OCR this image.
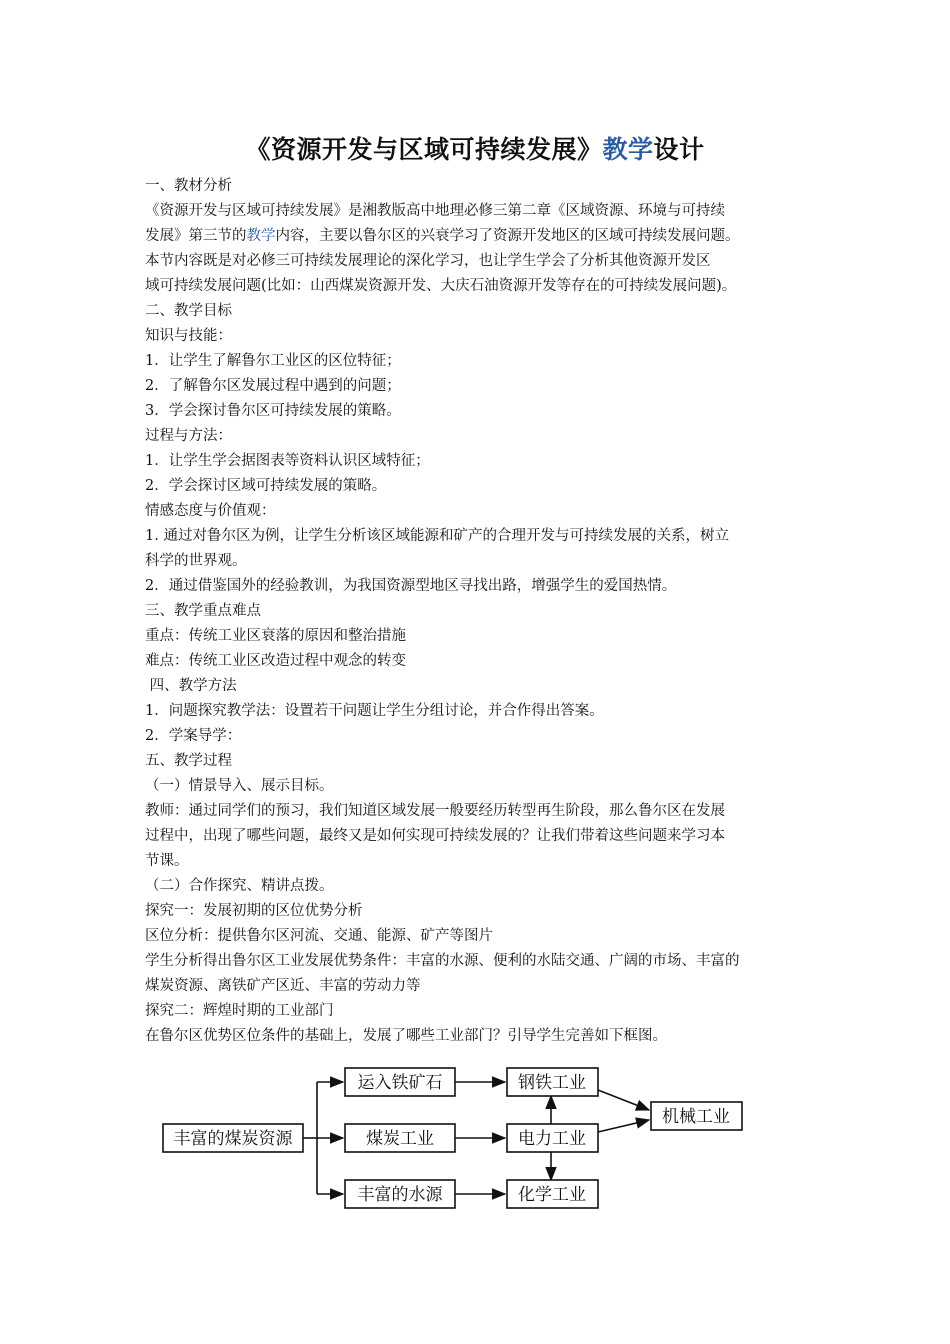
《资源开发与区域可持续发展》教学设计

一、教材分析

《资源开发与区域可持续发展》是湘教版高中地理必修三第二章《区域资源、环境与可持续

发展》第三节的教学内容，主要以鲁尔区的兴衰学习了资源开发地区的区域可持续发展问题。

本节内容既是对必修三可持续发展理论的深化学习，也让学生学会了分析其他资源开发区

域可持续发展问题(比如：山西煤炭资源开发、大庆石油资源开发等存在的可持续发展问题)。

二、教学目标

知识与技能：

1．让学生了解鲁尔工业区的区位特征；

2．了解鲁尔区发展过程中遇到的问题；

3．学会探讨鲁尔区可持续发展的策略。

过程与方法：

1．让学生学会据图表等资料认识区域特征；

2．学会探讨区域可持续发展的策略。

情感态度与价值观：

1. 通过对鲁尔区为例，让学生分析该区域能源和矿产的合理开发与可持续发展的关系，树立

科学的世界观。

2．通过借鉴国外的经验教训，为我国资源型地区寻找出路，增强学生的爱国热情。

三、教学重点难点

重点：传统工业区衰落的原因和整治措施

难点：传统工业区改造过程中观念的转变

四、教学方法

1．问题探究教学法：设置若干问题让学生分组讨论，并合作得出答案。

2．学案导学：

五、教学过程

（一）情景导入、展示目标。

教师：通过同学们的预习，我们知道区域发展一般要经历转型再生阶段，那么鲁尔区在发展

过程中，出现了哪些问题，最终又是如何实现可持续发展的？让我们带着这些问题来学习本

节课。

（二）合作探究、精讲点拨。

探究一：发展初期的区位优势分析

区位分析：提供鲁尔区河流、交通、能源、矿产等图片

学生分析得出鲁尔区工业发展优势条件：丰富的水源、便利的水陆交通、广阔的市场、丰富的

煤炭资源、离铁矿产区近、丰富的劳动力等

探究二：辉煌时期的工业部门

在鲁尔区优势区位条件的基础上，发展了哪些工业部门？引导学生完善如下框图。

丰富的煤炭资源
运入铁矿石
煤炭工业
丰富的水源
钢铁工业
电力工业
化学工业
机械工业
